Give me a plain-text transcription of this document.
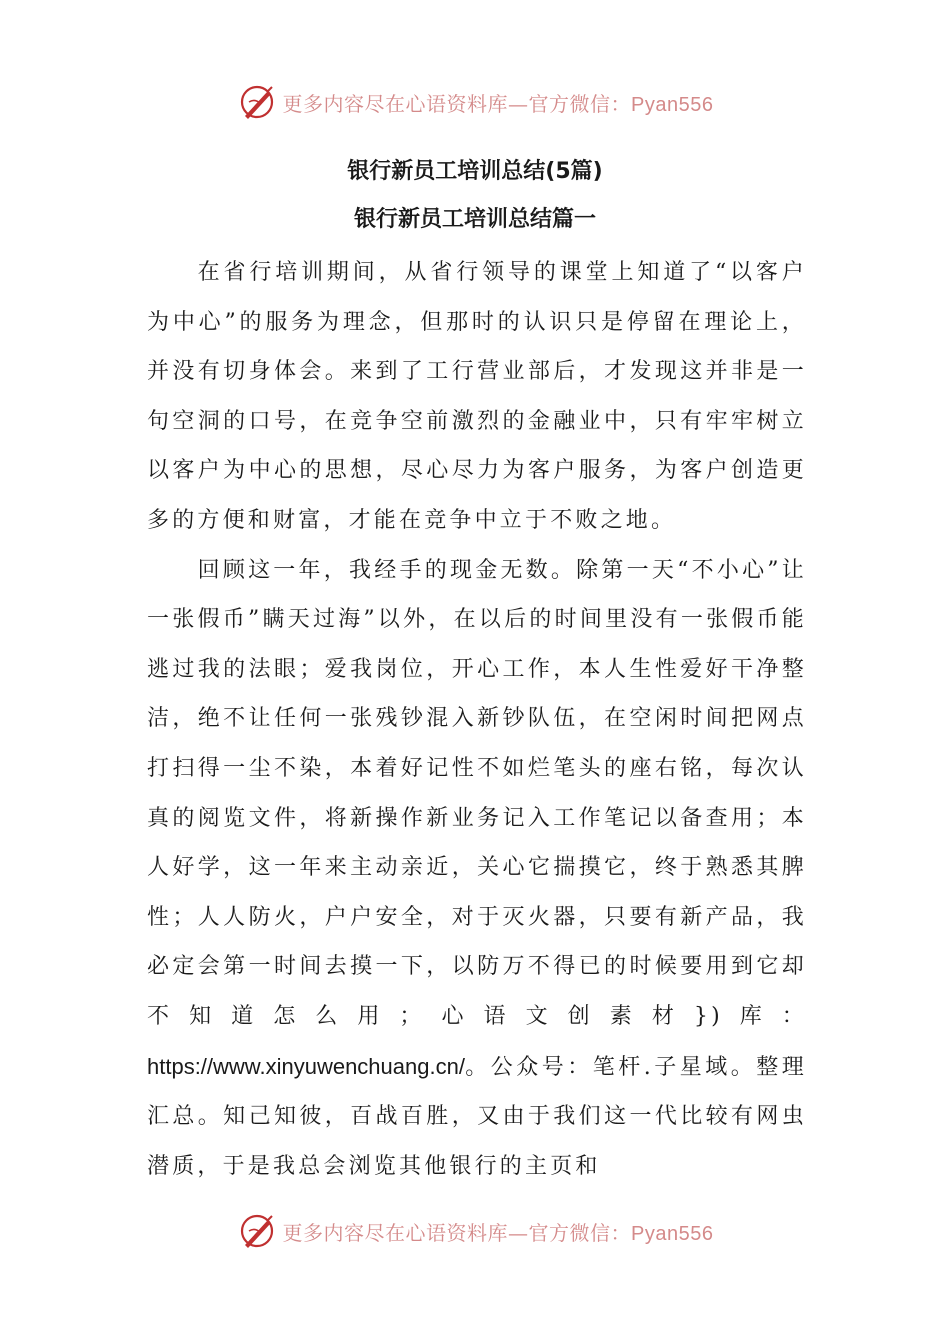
更多内容尽在心语资料库—官方微信：Pyan556
银行新员工培训总结(5篇)
银行新员工培训总结篇一

在省行培训期间，从省行领导的课堂上知道了“以客户为中心”的服务为理念，但那时的认识只是停留在理论上，并没有切身体会。来到了工行营业部后，才发现这并非是一句空洞的口号，在竞争空前激烈的金融业中，只有牢牢树立以客户为中心的思想，尽心尽力为客户服务，为客户创造更多的方便和财富，才能在竞争中立于不败之地。

回顾这一年，我经手的现金无数。除第一天“不小心”让一张假币”瞒天过海”以外，在以后的时间里没有一张假币能逃过我的法眼；爱我岗位，开心工作，本人生性爱好干净整洁，绝不让任何一张残钞混入新钞队伍，在空闲时间把网点打扫得一尘不染，本着好记性不如烂笔头的座右铭，每次认真的阅览文件，将新操作新业务记入工作笔记以备查用；本人好学，这一年来主动亲近，关心它揣摸它，终于熟悉其脾性；人人防火，户户安全，对于灭火器，只要有新产品，我必定会第一时间去摸一下，以防万不得已的时候要用到它却不知道怎么用；心语文创素材})库：https://www.xinyuwenchuang.cn/。公众号：笔杆.子星域。整理汇总。知己知彼，百战百胜，又由于我们这一代比较有网虫潜质，于是我总会浏览其他银行的主页和

更多内容尽在心语资料库—官方微信：Pyan556
